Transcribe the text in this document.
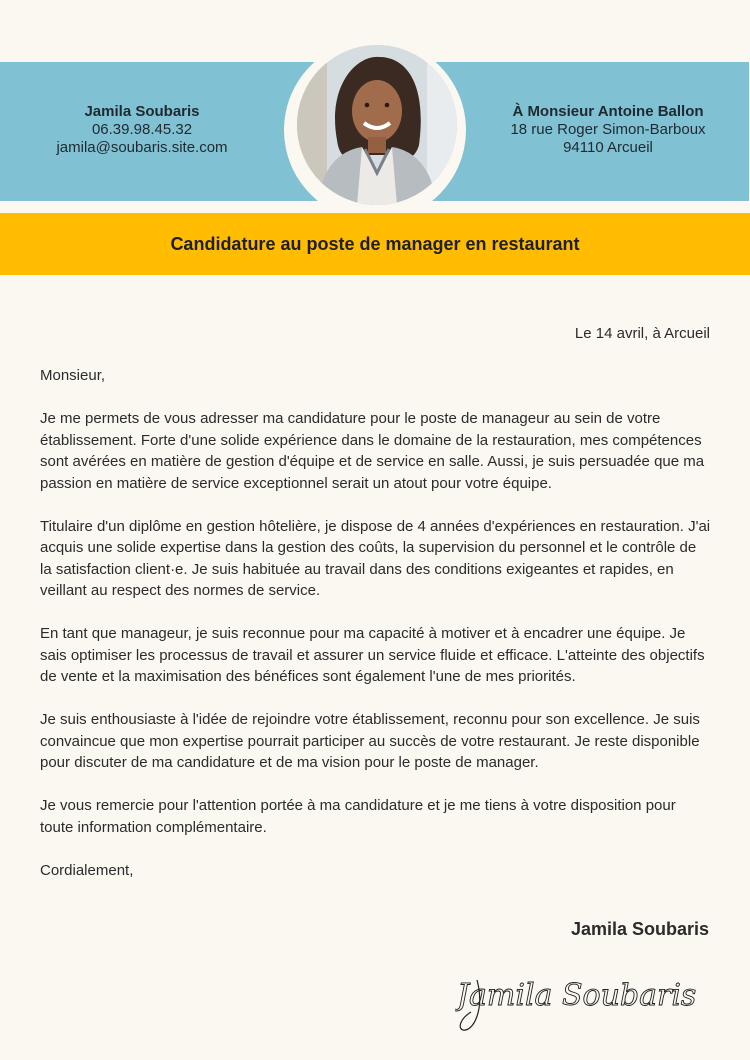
Jamila Soubaris
06.39.98.45.32
jamila@soubaris.site.com
À Monsieur Antoine Ballon
18 rue Roger Simon-Barboux
94110 Arcueil
Candidature au poste de manager en restaurant
Le 14 avril, à Arcueil

Monsieur,

Je me permets de vous adresser ma candidature pour le poste de manageur au sein de votre établissement. Forte d'une solide expérience dans le domaine de la restauration, mes compétences sont avérées en matière de gestion d'équipe et de service en salle. Aussi, je suis persuadée que ma passion en matière de service exceptionnel serait un atout pour votre équipe.

Titulaire d'un diplôme en gestion hôtelière, je dispose de 4 années d'expériences en restauration. J'ai acquis une solide expertise dans la gestion des coûts, la supervision du personnel et le contrôle de la satisfaction client·e. Je suis habituée au travail dans des conditions exigeantes et rapides, en veillant au respect des normes de service.

En tant que manageur, je suis reconnue pour ma capacité à motiver et à encadrer une équipe. Je sais optimiser les processus de travail et assurer un service fluide et efficace. L'atteinte des objectifs de vente et la maximisation des bénéfices sont également l'une de mes priorités.

Je suis enthousiaste à l'idée de rejoindre votre établissement, reconnu pour son excellence. Je suis convaincue que mon expertise pourrait participer au succès de votre restaurant. Je reste disponible pour discuter de ma candidature et de ma vision pour le poste de manager.

Je vous remercie pour l'attention portée à ma candidature et je me tiens à votre disposition pour toute information complémentaire.

Cordialement,

Jamila Soubaris
Jamila Soubaris
